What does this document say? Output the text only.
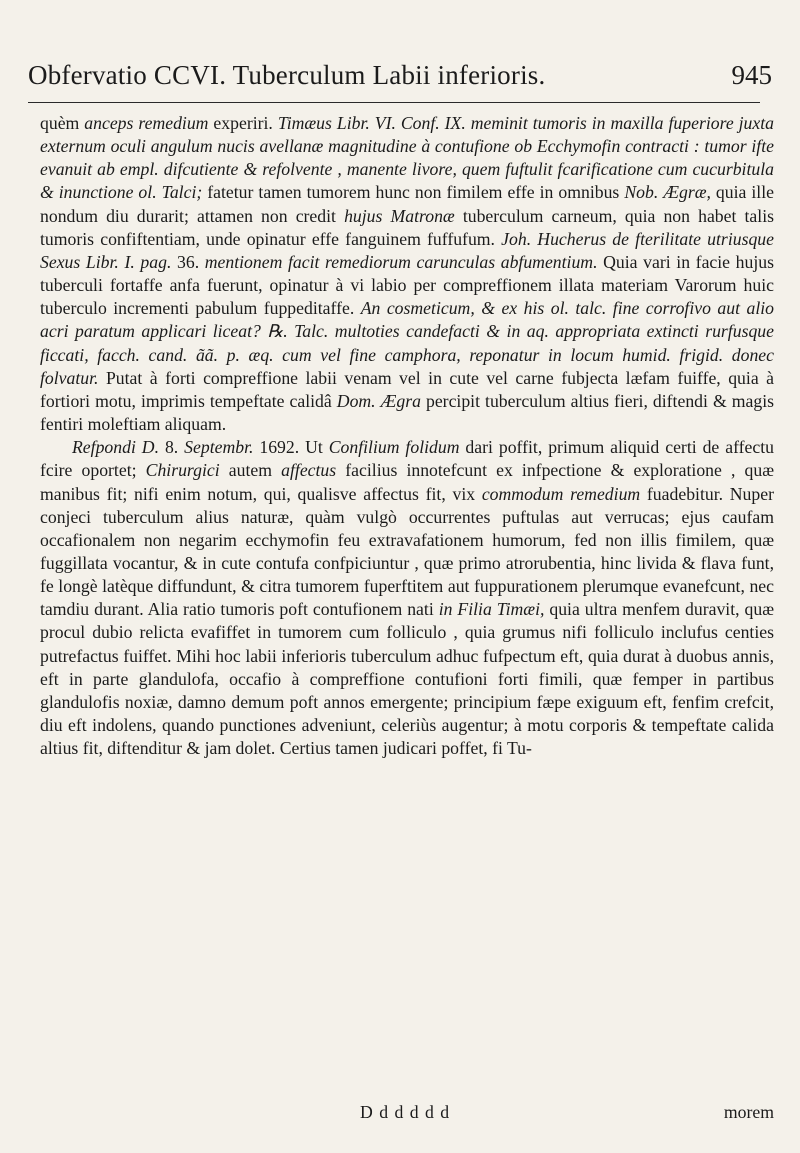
Obfervatio CCVI. Tuberculum Labii inferioris.	945

quèm anceps remedium experiri. Timæus Libr. VI. Conf. IX. meminit tumoris in maxilla fuperiore juxta externum oculi angulum nucis avellanæ magnitudine à contufione ob Ecchymofin contracti : tumor ifte evanuit ab empl. difcutiente & refolvente , manente livore, quem fuftulit fcarificatione cum cucurbitula & inunctione ol. Talci; fatetur tamen tumorem hunc non fimilem effe in omnibus Nob. Ægræ, quia ille nondum diu durarit; attamen non credit hujus Matronæ tuberculum carneum, quia non habet talis tumoris confiftentiam, unde opinatur effe fanguinem fuffufum. Joh. Hucherus de fterilitate utriusque Sexus Libr. I. pag. 36. mentionem facit remediorum carunculas abfumentium. Quia vari in facie hujus tuberculi fortaffe anfa fuerunt, opinatur à vi labio per compreffionem illata materiam Varorum huic tuberculo incrementi pabulum fuppeditaffe. An cosmeticum, & ex his ol. talc. fine corrofivo aut alio acri paratum applicari liceat? ℞. Talc. multoties candefacti & in aq. appropriata extincti rurfusque ficcati, facch. cand. ãã. p. æq. cum vel fine camphora, reponatur in locum humid. frigid. donec folvatur. Putat à forti compreffione labii venam vel in cute vel carne fubjecta læfam fuiffe, quia à fortiori motu, imprimis tempeftate calidâ Dom. Ægra percipit tuberculum altius fieri, diftendi & magis fentiri moleftiam aliquam.

Refpondi D. 8. Septembr. 1692. Ut Confilium folidum dari poffit, primum aliquid certi de affectu fcire oportet; Chirurgici autem affectus facilius innotefcunt ex infpectione & exploratione , quæ manibus fit; nifi enim notum, qui, qualisve affectus fit, vix commodum remedium fuadebitur. Nuper conjeci tuberculum alius naturæ, quàm vulgò occurrentes puftulas aut verrucas; ejus caufam occafionalem non negarim ecchymofin feu extravafationem humorum, fed non illis fimilem, quæ fuggillata vocantur, & in cute contufa confpiciuntur , quæ primo atrorubentia, hinc livida & flava funt, fe longè latèque diffundunt, & citra tumorem fuperftitem aut fuppurationem plerumque evanefcunt, nec tamdiu durant. Alia ratio tumoris poft contufionem nati in Filia Timæi, quia ultra menfem duravit, quæ procul dubio relicta evafiffet in tumorem cum folliculo , quia grumus nifi folliculo inclufus centies putrefactus fuiffet. Mihi hoc labii inferioris tuberculum adhuc fufpectum eft, quia durat à duobus annis, eft in parte glandulofa, occafio à compreffione contufioni forti fimili, quæ femper in partibus glandulofis noxiæ, damno demum poft annos emergente; principium fæpe exiguum eft, fenfim crefcit, diu eft indolens, quando punctiones adveniunt, celeriùs augentur; à motu corporis & tempeftate calida altius fit, diftenditur & jam dolet. Certius tamen judicari poffet, fi Tu-

D d d d d d	morem
